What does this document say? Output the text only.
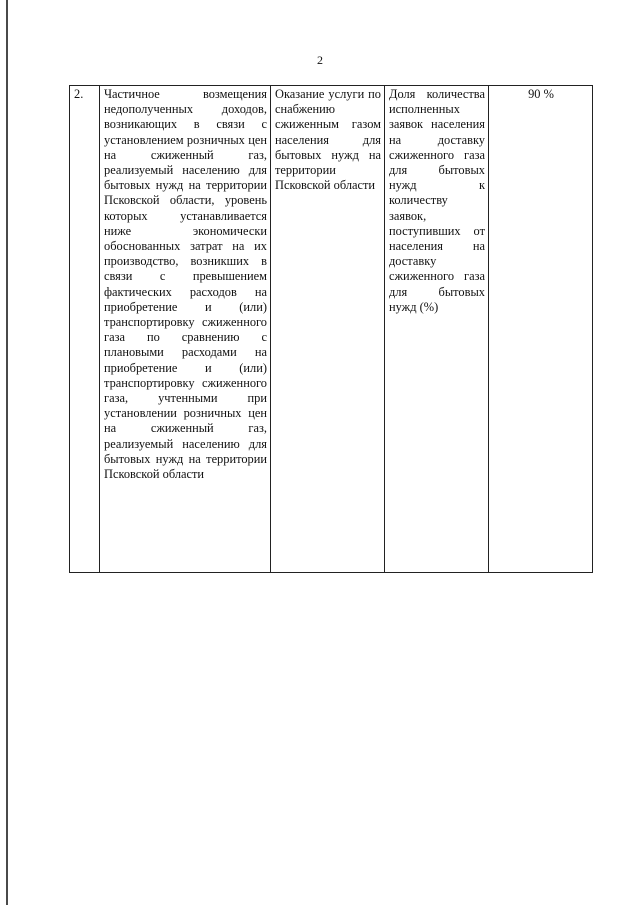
2
2.	Частичное возмещения недополученных доходов, возникающих в связи с установлением розничных цен на сжиженный газ, реализуемый населению для бытовых нужд на территории Псковской области, уровень которых устанавливается ниже экономически обоснованных затрат на их производство, возникших в связи с превышением фактических расходов на приобретение и (или) транспортировку сжиженного газа по сравнению с плановыми расходами на приобретение и (или) транспортировку сжиженного газа, учтенными при установлении розничных цен на сжиженный газ, реализуемый населению для бытовых нужд на территории Псковской области	Оказание услуги по снабжению сжиженным газом населения для бытовых нужд на территории Псковской области	Доля количества исполненных заявок населения на доставку сжиженного газа для бытовых нужд к количеству заявок, поступивших от населения на доставку сжиженного газа для бытовых нужд (%)	90 %
